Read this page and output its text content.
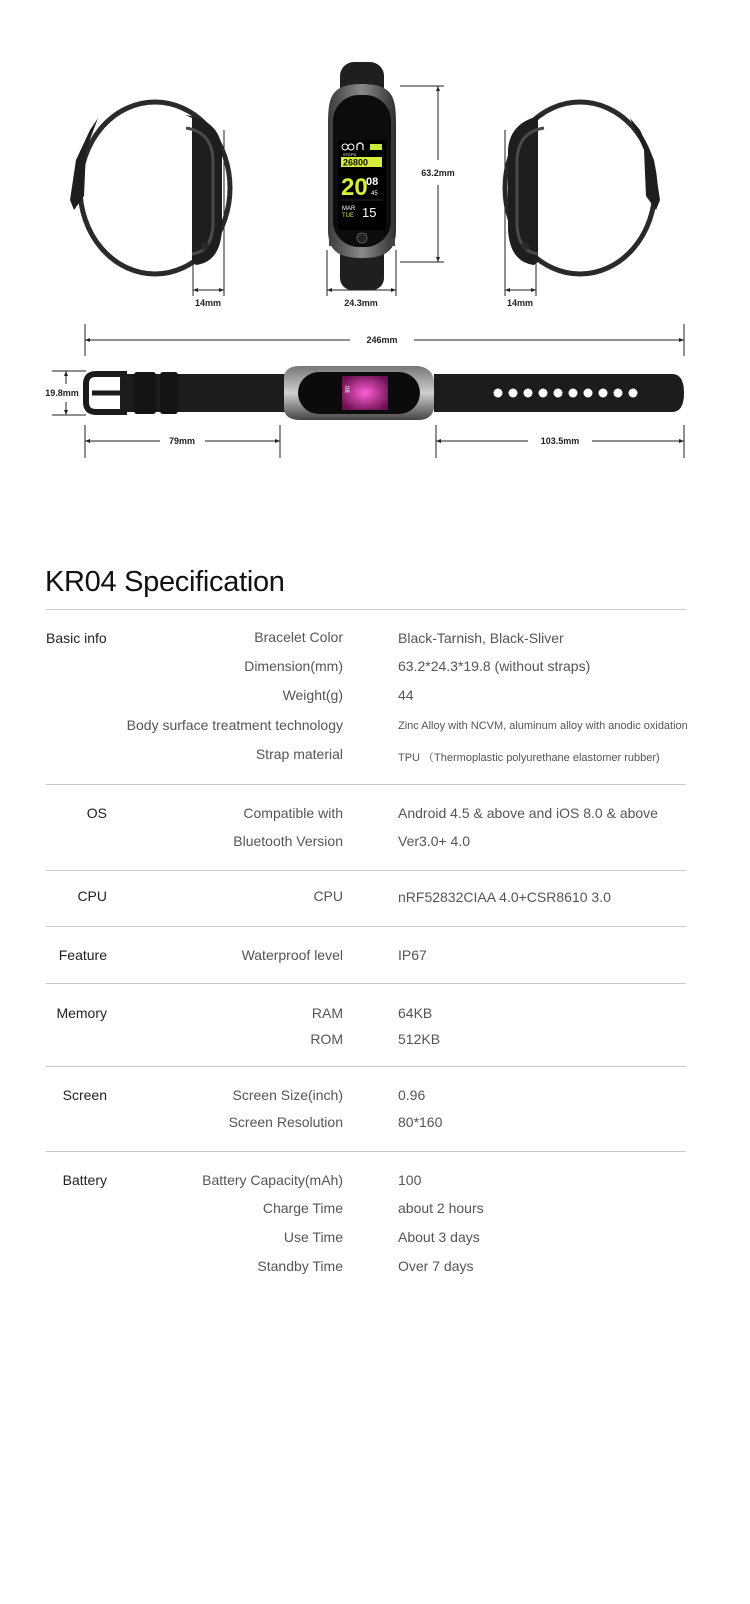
14mm
STEPS
26800
20
08
45
MAR
TUE 15
24.3mm
63.2mm
14mm
246mm
08
19.8mm
79mm	103.5mm
KR04 Specification
Basic info	Bracelet Color	Black-Tarnish, Black-Sliver
Dimension(mm)	63.2*24.3*19.8 (without straps)
Weight(g)	44
Body surface treatment technology	Zinc Alloy with NCVM, aluminum alloy with anodic oxidation
Strap material	TPU （Thermoplastic polyurethane elastomer rubber)
OS	Compatible with	Android 4.5 & above and iOS 8.0 & above
Bluetooth Version	Ver3.0+ 4.0
CPU	CPU	nRF52832CIAA 4.0+CSR8610 3.0
Feature	Waterproof level	IP67
Memory	RAM	64KB
ROM	512KB
Screen	Screen Size(inch)	0.96
Screen Resolution	80*160
Battery	Battery Capacity(mAh)	100
Charge Time	about 2 hours
Use Time	About 3 days
Standby Time	Over 7 days
